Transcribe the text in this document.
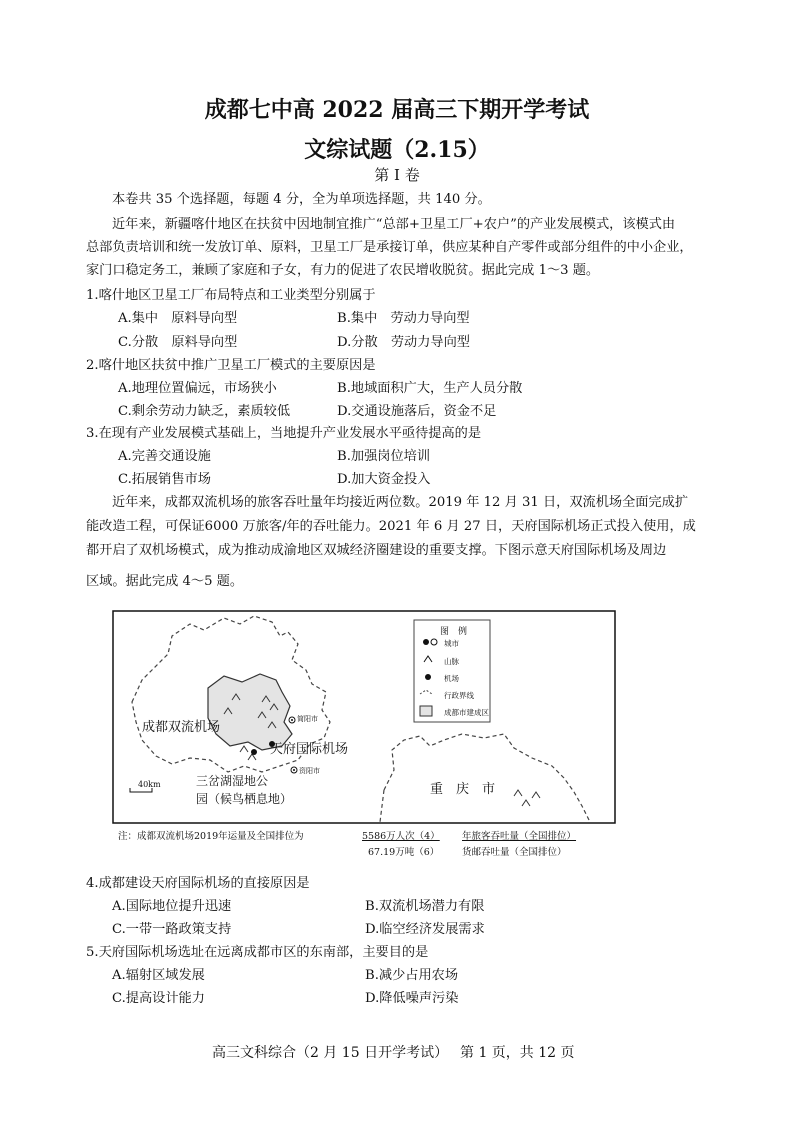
成都七中高 2022 届高三下期开学考试
文综试题（2.15）
第 I 卷
本卷共 35 个选择题，每题 4 分，全为单项选择题，共 140 分。
近年来，新疆喀什地区在扶贫中因地制宜推广“总部+卫星工厂+农户”的产业发展模式，该模式由
总部负责培训和统一发放订单、原料，卫星工厂是承接订单，供应某种自产零件或部分组件的中小企业，
家门口稳定务工，兼顾了家庭和子女，有力的促进了农民增收脱贫。据此完成 1～3 题。
1.喀什地区卫星工厂布局特点和工业类型分别属于
A.集中　原料导向型	B.集中　劳动力导向型
C.分散　原料导向型	D.分散　劳动力导向型
2.喀什地区扶贫中推广卫星工厂模式的主要原因是
A.地理位置偏远，市场狭小	B.地域面积广大，生产人员分散
C.剩余劳动力缺乏，素质较低	D.交通设施落后，资金不足
3.在现有产业发展模式基础上，当地提升产业发展水平亟待提高的是
A.完善交通设施	B.加强岗位培训
C.拓展销售市场	D.加大资金投入
近年来，成都双流机场的旅客吞吐量年均接近两位数。2019 年 12 月 31 日，双流机场全面完成扩
能改造工程，可保证6000 万旅客/年的吞吐能力。2021 年 6 月 27 日，天府国际机场正式投入使用，成
都开启了双机场模式，成为推动成渝地区双城经济圈建设的重要支撑。下图示意天府国际机场及周边
区域。据此完成 4～5 题。
成都双流机场
天府国际机场
三岔湖湿地公
园（候鸟栖息地）
重　庆　市
简阳市
资阳市
40km
图　例
城市
山脉
机场
行政界线
成都市建成区
注：成都双流机场2019年运量及全国排位为	5586万人次（4） 年旅客吞吐量（全国排位）
67.19万吨（6） 货邮吞吐量（全国排位）
4.成都建设天府国际机场的直接原因是
A.国际地位提升迅速	B.双流机场潜力有限
C.一带一路政策支持	D.临空经济发展需求
5.天府国际机场选址在远离成都市区的东南部，主要目的是
A.辐射区域发展	B.减少占用农场
C.提高设计能力	D.降低噪声污染
高三文科综合（2 月 15 日开学考试） 第 1 页，共 12 页
